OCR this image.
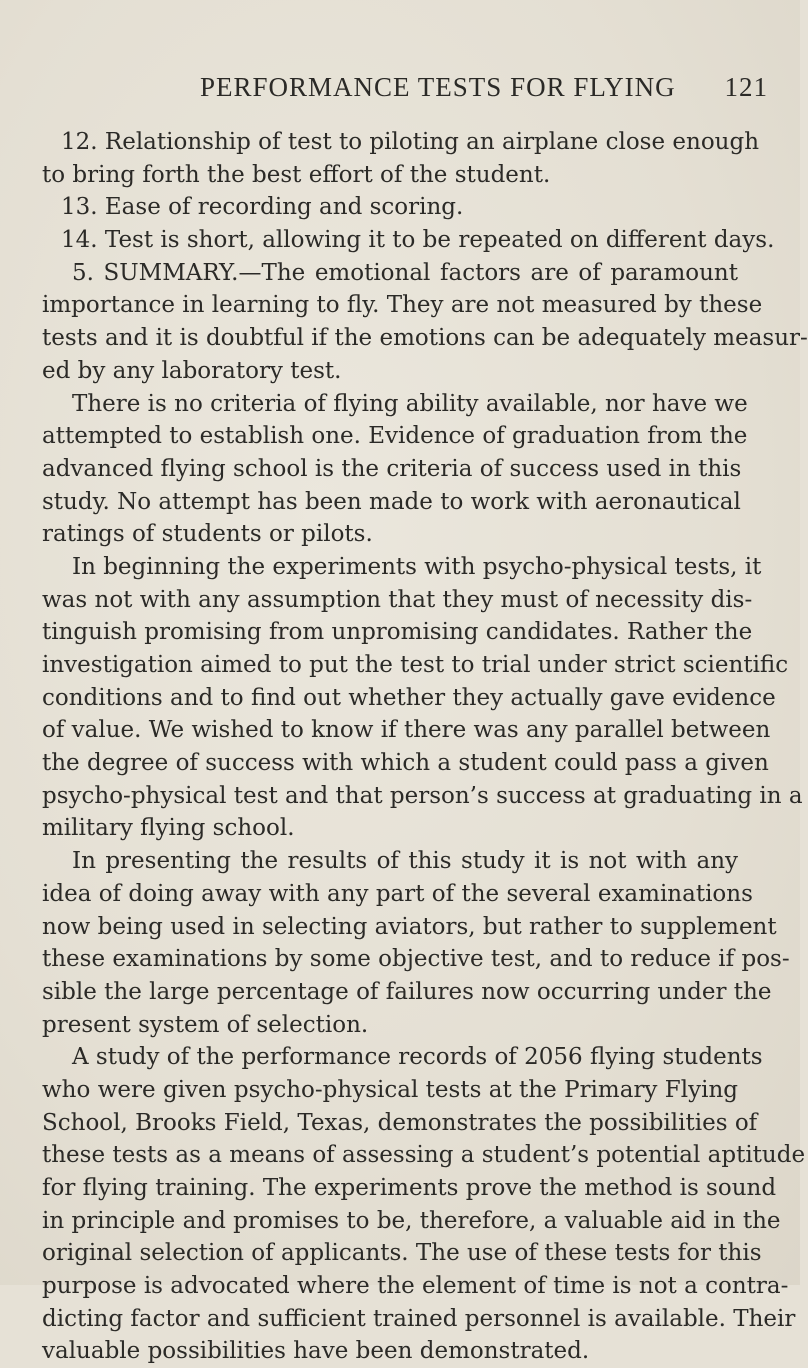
PERFORMANCE TESTS FOR FLYING 121
12. Relationship of test to piloting an airplane close enough
to bring forth the best effort of the student.
13. Ease of recording and scoring.
14. Test is short, allowing it to be repeated on different days.
5. SUMMARY.—The emotional factors are of paramount
importance in learning to fly. They are not measured by these
tests and it is doubtful if the emotions can be adequately measur-
ed by any laboratory test.
There is no criteria of flying ability available, nor have we
attempted to establish one. Evidence of graduation from the
advanced flying school is the criteria of success used in this
study. No attempt has been made to work with aeronautical
ratings of students or pilots.
In beginning the experiments with psycho-physical tests, it
was not with any assumption that they must of necessity dis-
tinguish promising from unpromising candidates. Rather the
investigation aimed to put the test to trial under strict scientific
conditions and to find out whether they actually gave evidence
of value. We wished to know if there was any parallel between
the degree of success with which a student could pass a given
psycho-physical test and that person’s success at graduating in a
military flying school.
In presenting the results of this study it is not with any
idea of doing away with any part of the several examinations
now being used in selecting aviators, but rather to supplement
these examinations by some objective test, and to reduce if pos-
sible the large percentage of failures now occurring under the
present system of selection.
A study of the performance records of 2056 flying students
who were given psycho-physical tests at the Primary Flying
School, Brooks Field, Texas, demonstrates the possibilities of
these tests as a means of assessing a student’s potential aptitude
for flying training. The experiments prove the method is sound
in principle and promises to be, therefore, a valuable aid in the
original selection of applicants. The use of these tests for this
purpose is advocated where the element of time is not a contra-
dicting factor and sufficient trained personnel is available. Their
valuable possibilities have been demonstrated.
